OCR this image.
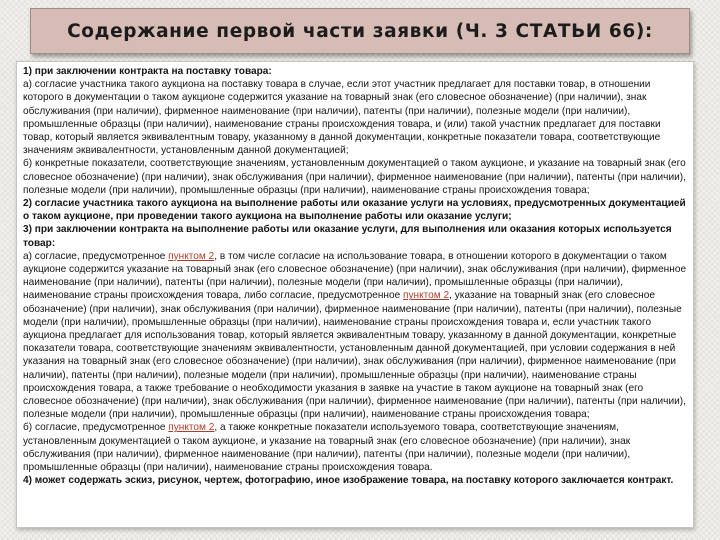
Содержание первой части заявки (Ч. 3 СТАТЬИ 66):

1) при заключении контракта на поставку товара:

а) согласие участника такого аукциона на поставку товара в случае, если этот участник предлагает для поставки товар, в отношении которого в документации о таком аукционе содержится указание на товарный знак (его словесное обозначение) (при наличии), знак обслуживания (при наличии), фирменное наименование (при наличии), патенты (при наличии), полезные модели (при наличии), промышленные образцы (при наличии), наименование страны происхождения товара, и (или) такой участник предлагает для поставки товар, который является эквивалентным товару, указанному в данной документации, конкретные показатели товара, соответствующие значениям эквивалентности, установленным данной документацией;

б) конкретные показатели, соответствующие значениям, установленным документацией о таком аукционе, и указание на товарный знак (его словесное обозначение) (при наличии), знак обслуживания (при наличии), фирменное наименование (при наличии), патенты (при наличии), полезные модели (при наличии), промышленные образцы (при наличии), наименование страны происхождения товара;

2) согласие участника такого аукциона на выполнение работы или оказание услуги на условиях, предусмотренных документацией о таком аукционе, при проведении такого аукциона на выполнение работы или оказание услуги;

3) при заключении контракта на выполнение работы или оказание услуги, для выполнения или оказания которых используется товар:

а) согласие, предусмотренное пунктом 2, в том числе согласие на использование товара, в отношении которого в документации о таком аукционе содержится указание на товарный знак (его словесное обозначение) (при наличии), знак обслуживания (при наличии), фирменное наименование (при наличии), патенты (при наличии), полезные модели (при наличии), промышленные образцы (при наличии), наименование страны происхождения товара, либо согласие, предусмотренное пунктом 2, указание на товарный знак (его словесное обозначение) (при наличии), знак обслуживания (при наличии), фирменное наименование (при наличии), патенты (при наличии), полезные модели (при наличии), промышленные образцы (при наличии), наименование страны происхождения товара и, если участник такого аукциона предлагает для использования товар, который является эквивалентным товару, указанному в данной документации, конкретные показатели товара, соответствующие значениям эквивалентности, установленным данной документацией, при условии содержания в ней указания на товарный знак (его словесное обозначение) (при наличии), знак обслуживания (при наличии), фирменное наименование (при наличии), патенты (при наличии), полезные модели (при наличии), промышленные образцы (при наличии), наименование страны происхождения товара, а также требование о необходимости указания в заявке на участие в таком аукционе на товарный знак (его словесное обозначение) (при наличии), знак обслуживания (при наличии), фирменное наименование (при наличии), патенты (при наличии), полезные модели (при наличии), промышленные образцы (при наличии), наименование страны происхождения товара;

б) согласие, предусмотренное пунктом 2, а также конкретные показатели используемого товара, соответствующие значениям, установленным документацией о таком аукционе, и указание на товарный знак (его словесное обозначение) (при наличии), знак обслуживания (при наличии), фирменное наименование (при наличии), патенты (при наличии), полезные модели (при наличии), промышленные образцы (при наличии), наименование страны происхождения товара.

4) может содержать эскиз, рисунок, чертеж, фотографию, иное изображение товара, на поставку которого заключается контракт.
